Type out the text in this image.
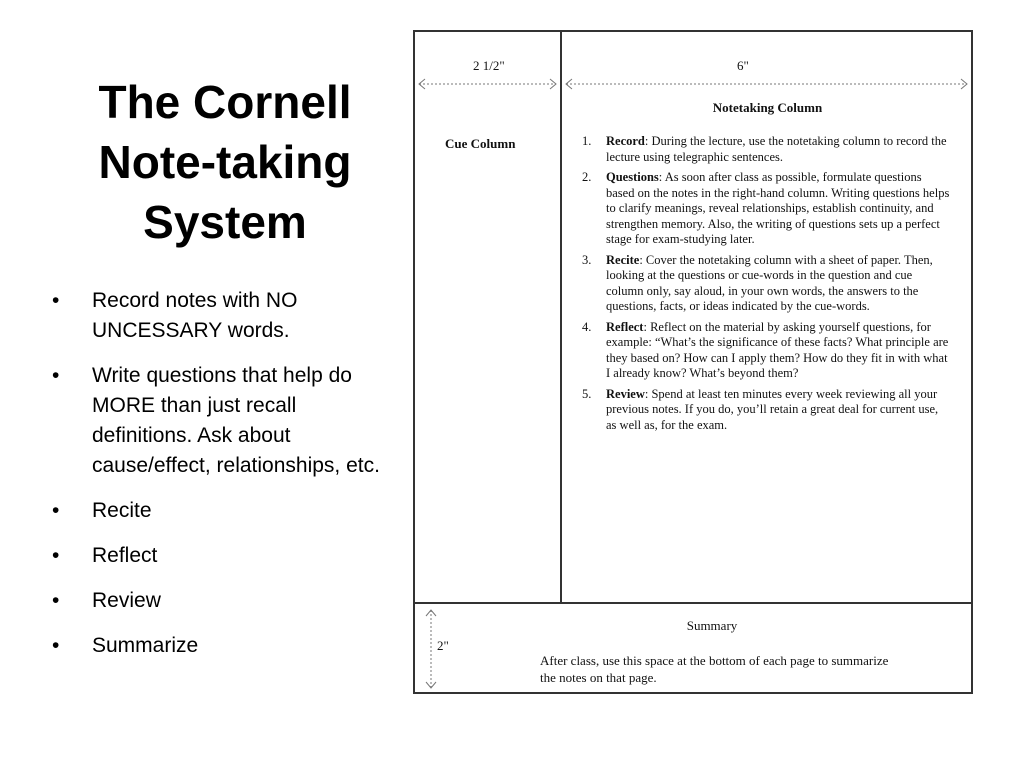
The Cornell
Note-taking
System
• Record notes with NO UNCESSARY words.
• Write questions that help do MORE than just recall definitions. Ask about cause/effect, relationships, etc.
• Recite
• Reflect
• Review
• Summarize
2 1/2"	6"
2"
Cue Column
Notetaking Column
1. Record: During the lecture, use the notetaking column to record the lecture using telegraphic sentences.
2. Questions: As soon after class as possible, formulate questions based on the notes in the right-hand column. Writing questions helps to clarify meanings, reveal relationships, establish continuity, and strengthen memory. Also, the writing of questions sets up a perfect stage for exam-studying later.
3. Recite: Cover the notetaking column with a sheet of paper. Then, looking at the questions or cue-words in the question and cue column only, say aloud, in your own words, the answers to the questions, facts, or ideas indicated by the cue-words.
4. Reflect: Reflect on the material by asking yourself questions, for example: “What’s the significance of these facts? What principle are they based on? How can I apply them? How do they fit in with what I already know? What’s beyond them?
5. Review: Spend at least ten minutes every week reviewing all your previous notes. If you do, you’ll retain a great deal for current use, as well as, for the exam.
Summary
After class, use this space at the bottom of each page to summarize the notes on that page.
